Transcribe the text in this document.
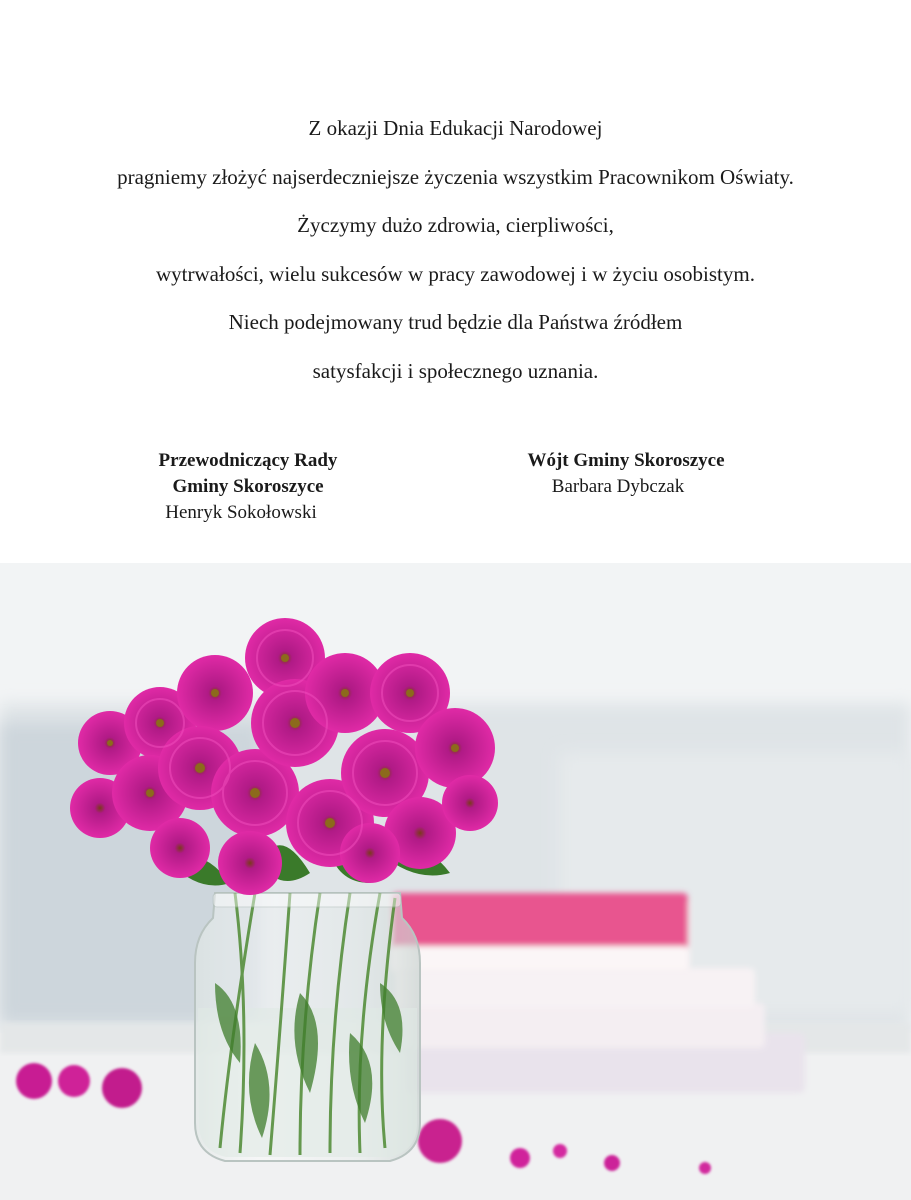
Z okazji Dnia Edukacji Narodowej

pragniemy złożyć najserdeczniejsze życzenia wszystkim Pracownikom Oświaty.

Życzymy dużo zdrowia, cierpliwości,

wytrwałości, wielu sukcesów w pracy zawodowej i w życiu osobistym.

Niech podejmowany trud będzie dla Państwa źródłem

satysfakcji i społecznego uznania.

Przewodniczący Rady
Gminy Skoroszyce
Henryk Sokołowski
Wójt Gminy Skoroszyce
Barbara Dybczak
